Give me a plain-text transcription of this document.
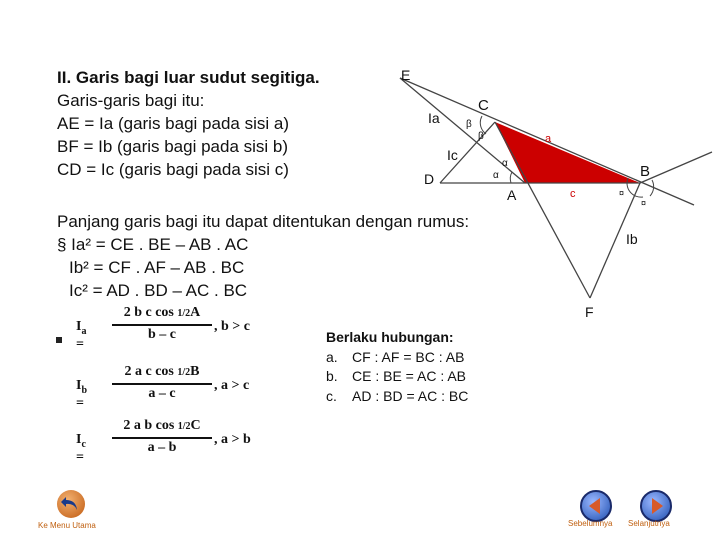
II. Garis bagi luar sudut segitiga.
Garis-garis bagi itu:
AE = Ia (garis bagi pada sisi a)
BF = Ib (garis bagi pada sisi b)
CD = Ic (garis bagi pada sisi c)
Panjang garis bagi itu dapat ditentukan dengan rumus:
§ Ia² = CE . BE – AB . AC
Ib² = CF . AF – AB . BC
Ic² = AD . BD – AC . BC
$I_a$ =
2 b c cos 1/2A
b – c
, b > c
$I_b$ =
2 a c cos 1/2B
a – c
, a > c
$I_c$ =
2 a b cos 1/2C
a – b
, a > b
Berlaku hubungan:
a.	CF : AF = BC : AB
b.	CE : BE = AC : AB
c.	AD : BD = AC : BC
E
C
Ia	β
β	a
Ic
D
α
α	B
A	c	¤
¤
Ib
F
Ke Menu Utama	Sebelumnya Selanjutnya
